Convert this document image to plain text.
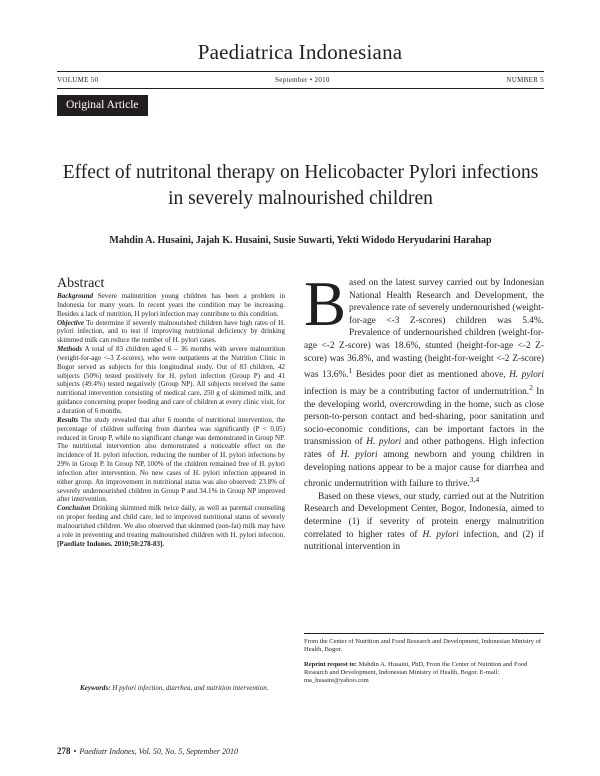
Paediatrica Indonesiana
VOLUME 50	September • 2010	NUMBER 5
Original Article
Effect of nutritonal therapy on Helicobacter Pylori infections in severely malnourished children
Mahdin A. Husaini, Jajah K. Husaini, Susie Suwarti, Yekti Widodo Heryudarini Harahap
Abstract

Background Severe malnutrition young children has been a problem in Indonesia for many years. In recent years the condition may be increasing. Besides a lack of nutrition, H pylori infection may contribute to this condition.

Objective To determine if severely malnourished children have high rates of H. pylori infection, and to test if improving nutritional deficiency by drinking skimmed milk can reduce the number of H. pylori cases.

Methods A total of 83 children aged 6 – 36 months with severe malnutrition (weight-for-age <-3 Z-scores), who were outpatients at the Nutrition Clinic in Bogor served as subjects for this longitudinal study. Out of 83 children, 42 subjects (50%) tested positively for H. pylori infection (Group P) and 41 subjects (49.4%) tested negatively (Group NP). All subjects received the same nutritional intervention consisting of medical care, 250 g of skimmed milk, and guidance concerning proper feeding and care of children at every clinic visit, for a duration of 6 months.

Results The study revealed that after 6 months of nutritional intervention, the percentage of children suffering from diarrhea was significantly (P < 0.05) reduced in Group P, while no significant change was demonstrated in Group NP. The nutritional intervention also demonstrated a noticeable effect on the incidence of H. pylori infection, reducing the number of H. pylori infections by 29% in Group P. In Group NP, 100% of the children remained free of H. pylori infection after intervention. No new cases of H. pylori infection appeared in either group. An improvement in nutritional status was also observed: 23.8% of severely undernourished children in Group P and 34.1% in Group NP improved after intervention.

Conclusion Drinking skimmed milk twice daily, as well as parental counseling on proper feeding and child care, led to improved nutritional status of severely malnourished children. We also observed that skimmed (non-fat) milk may have a role in preventing and treating malnourished children with H. pylori infection. [Paediatr Indones. 2010;50:278-83].

Keywords: H pylori infection, diarrhea, and nutrition intervention.

Based on the latest survey carried out by Indonesian National Health Research and Development, the prevalence rate of severely undernourished (weight-for-age <-3 Z-scores) children was 5.4%. Prevalence of undernourished children (weight-for-age <-2 Z-score) was 18.6%, stunted (height-for-age <-2 Z-score) was 36.8%, and wasting (height-for-weight <-2 Z-score) was 13.6%.$^1$ Besides poor diet as mentioned above, H. pylori infection is may be a contributing factor of undernutrition.$^2$ In the developing world, overcrowding in the home, such as close person-to-person contact and bed-sharing, poor sanitation and socio-economic conditions, can be important factors in the transmission of H. pylori and other pathogens. High infection rates of H. pylori among newborn and young children in developing nations appear to be a major cause for diarrhea and chronic undernutrition with failure to thrive.$^{3,4}$

Based on these views, our study, carried out at the Nutrition Research and Development Center, Bogor, Indonesia, aimed to determine (1) if severity of protein energy malnutrition correlated to higher rates of H. pylori infection, and (2) if nutritional intervention in

From the Center of Nutrition and Food Research and Development, Indonesian Ministry of Health, Bogor.

Reprint request to: Mahdin A. Husaini, PhD, From the Center of Nutrition and Food Research and Development, Indonesian Ministry of Health, Bogor. E-mail: ma_husaini@yahoo.com

278 • Paediatr Indones, Vol. 50, No. 5, September 2010
